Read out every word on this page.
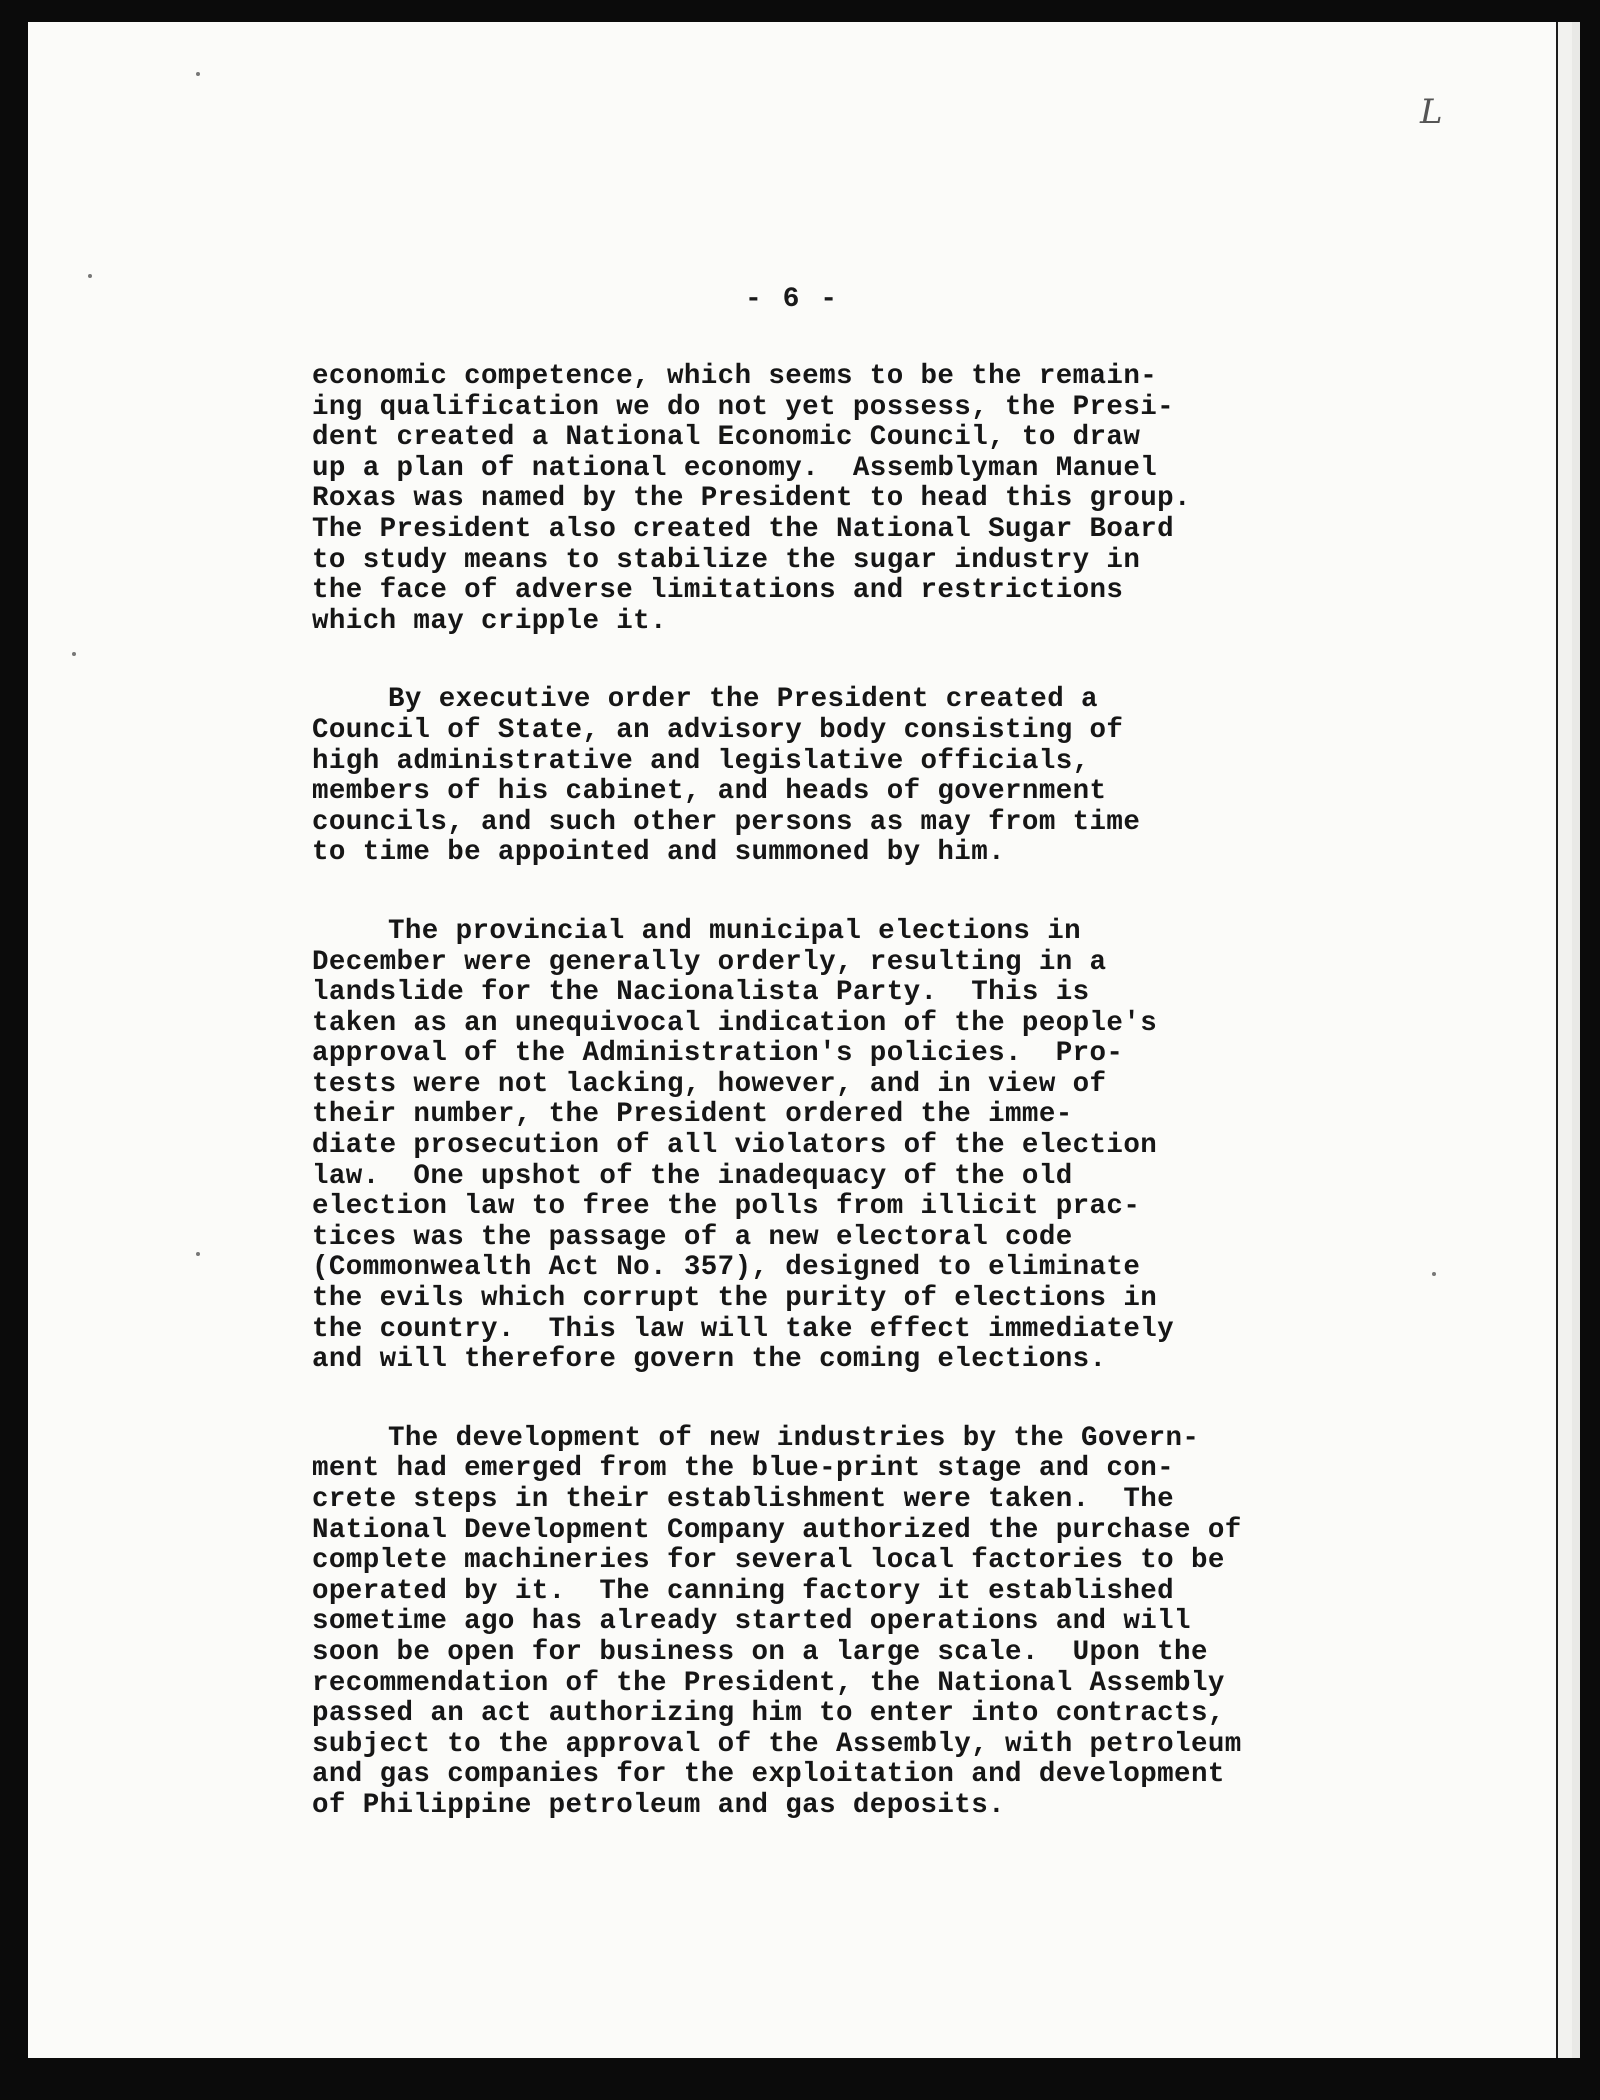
L
- 6 -
economic competence, which seems to be the remain-
ing qualification we do not yet possess, the Presi-
dent created a National Economic Council, to draw
up a plan of national economy.  Assemblyman Manuel
Roxas was named by the President to head this group.
The President also created the National Sugar Board
to study means to stabilize the sugar industry in
the face of adverse limitations and restrictions
which may cripple it.
By executive order the President created a
Council of State, an advisory body consisting of
high administrative and legislative officials,
members of his cabinet, and heads of government
councils, and such other persons as may from time
to time be appointed and summoned by him.
The provincial and municipal elections in
December were generally orderly, resulting in a
landslide for the Nacionalista Party.  This is
taken as an unequivocal indication of the people's
approval of the Administration's policies.  Pro-
tests were not lacking, however, and in view of
their number, the President ordered the imme-
diate prosecution of all violators of the election
law.  One upshot of the inadequacy of the old
election law to free the polls from illicit prac-
tices was the passage of a new electoral code
(Commonwealth Act No. 357), designed to eliminate
the evils which corrupt the purity of elections in
the country.  This law will take effect immediately
and will therefore govern the coming elections.
The development of new industries by the Govern-
ment had emerged from the blue-print stage and con-
crete steps in their establishment were taken.  The
National Development Company authorized the purchase of
complete machineries for several local factories to be
operated by it.  The canning factory it established
sometime ago has already started operations and will
soon be open for business on a large scale.  Upon the
recommendation of the President, the National Assembly
passed an act authorizing him to enter into contracts,
subject to the approval of the Assembly, with petroleum
and gas companies for the exploitation and development
of Philippine petroleum and gas deposits.
